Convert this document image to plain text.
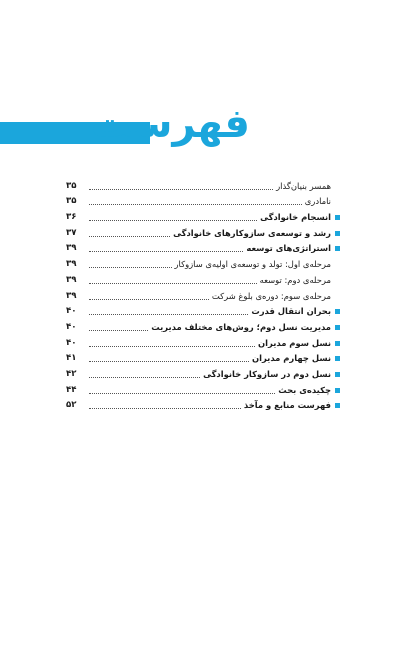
فهرست
همسر بنیان‌گذار
۳۵
نامادری
۳۵
انسجام خانوادگی
۳۶
رشد و توسعه‌ی سازوکارهای خانوادگی
۳۷
استراتژی‌های توسعه
۳۹
مرحله‌ی اول: تولد و توسعه‌ی اولیه‌ی سازوکار
۳۹
مرحله‌ی دوم: توسعه
۳۹
مرحله‌ی سوم: دوره‌ی بلوغ شرکت
۳۹
بحران انتقال قدرت
۴۰
مدیریت نسل دوم؛ روش‌های مختلف مدیریت
۴۰
نسل سوم مدیران
۴۰
نسل چهارم مدیران
۴۱
نسل دوم در سازوکار خانوادگی
۴۲
چکیده‌ی بحث
۴۴
فهرست منابع و مآخذ
۵۲
